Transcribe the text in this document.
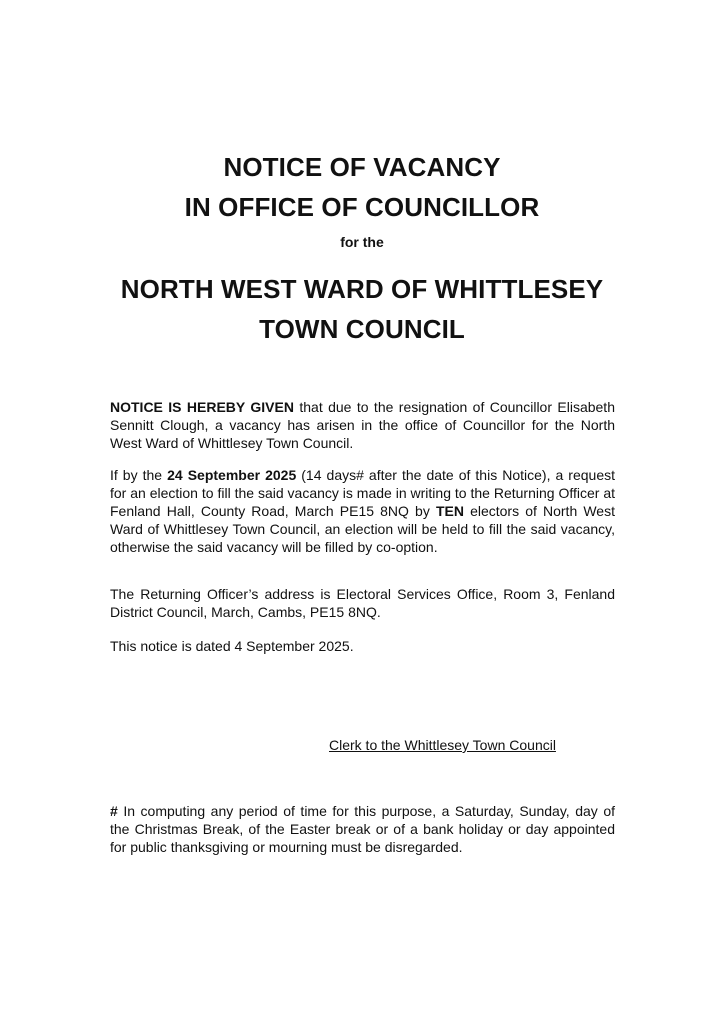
NOTICE OF VACANCY
IN OFFICE OF COUNCILLOR
for the
NORTH WEST WARD OF WHITTLESEY
TOWN COUNCIL
NOTICE IS HEREBY GIVEN that due to the resignation of Councillor Elisabeth Sennitt Clough, a vacancy has arisen in the office of Councillor for the North West Ward of Whittlesey Town Council.
If by the 24 September 2025 (14 days# after the date of this Notice), a request for an election to fill the said vacancy is made in writing to the Returning Officer at Fenland Hall, County Road, March PE15 8NQ by TEN electors of North West Ward of Whittlesey Town Council, an election will be held to fill the said vacancy, otherwise the said vacancy will be filled by co-option.
The Returning Officer’s address is Electoral Services Office, Room 3, Fenland District Council, March, Cambs, PE15 8NQ.
This notice is dated 4 September 2025.
Clerk to the Whittlesey Town Council
# In computing any period of time for this purpose, a Saturday, Sunday, day of the Christmas Break, of the Easter break or of a bank holiday or day appointed for public thanksgiving or mourning must be disregarded.
